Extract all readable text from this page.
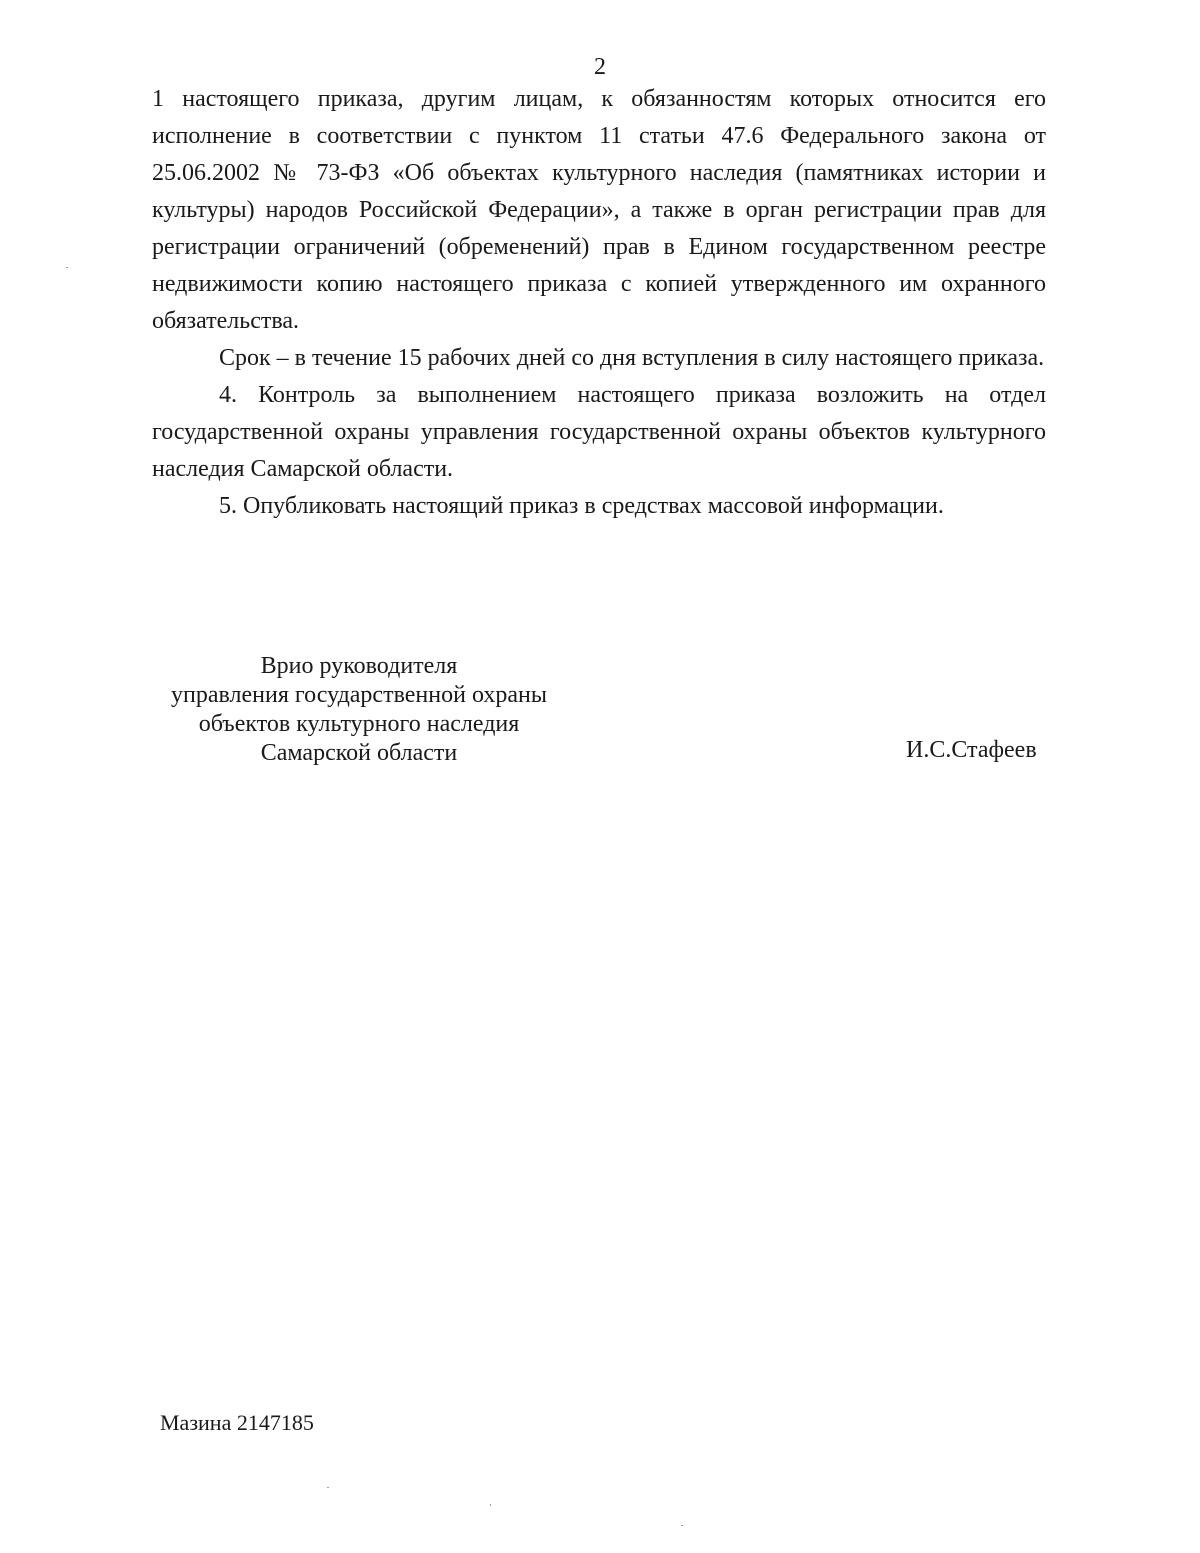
2

1 настоящего приказа, другим лицам, к обязанностям которых относится его исполнение в соответствии с пунктом 11 статьи 47.6 Федерального закона от 25.06.2002 № 73-ФЗ «Об объектах культурного наследия (памятниках истории и культуры) народов Российской Федерации», а также в орган регистрации прав для регистрации ограничений (обременений) прав в Едином государственном реестре недвижимости копию настоящего приказа с копией утвержденного им охранного обязательства.

Срок – в течение 15 рабочих дней со дня вступления в силу настоящего приказа.

4. Контроль за выполнением настоящего приказа возложить на отдел государственной охраны управления государственной охраны объектов культурного наследия Самарской области.

5. Опубликовать настоящий приказ в средствах массовой информации.

Врио руководителя
управления государственной охраны
объектов культурного наследия
Самарской области	И.С.Стафеев
Мазина 2147185
